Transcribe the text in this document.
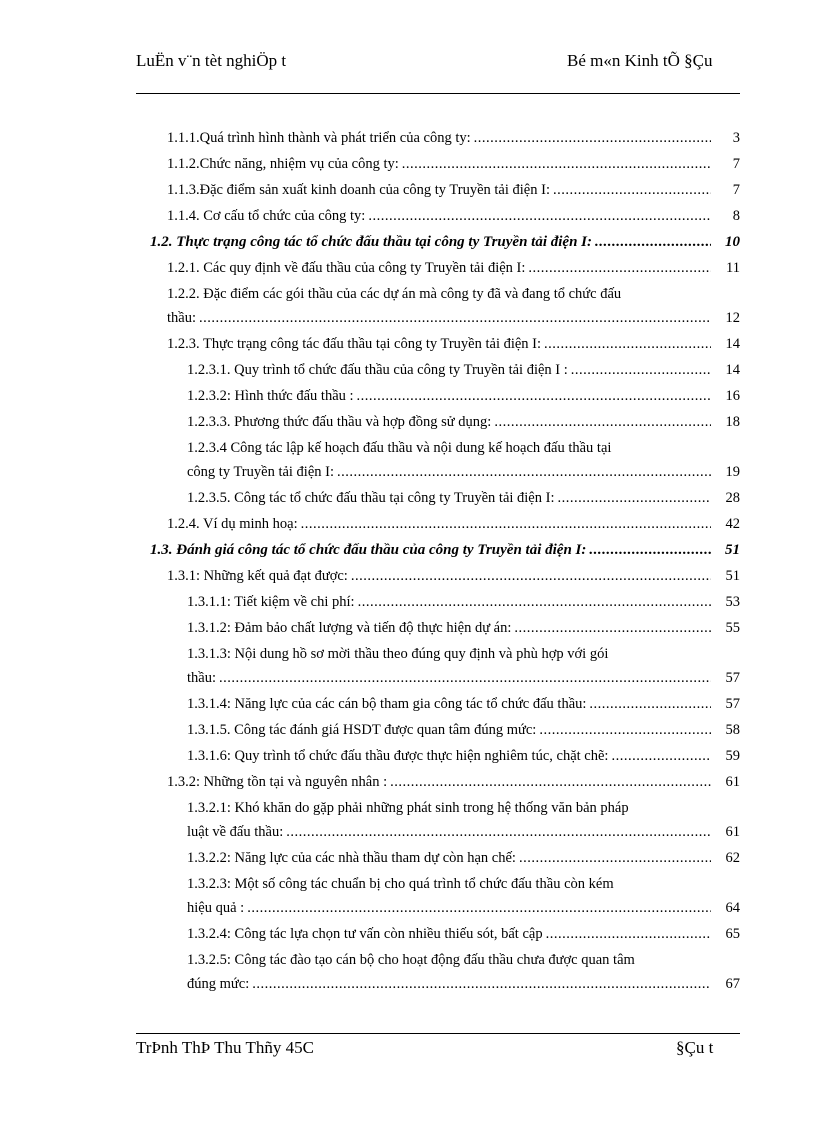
LuËn v¨n tèt nghiÖp t	Bé m«n Kinh tÕ §Çu
1.1.1.Quá trình hình thành và phát triển của công ty: .....	3
1.1.2.Chức năng, nhiệm vụ của công ty: .....	7
1.1.3.Đặc điểm sản xuất kinh doanh của công ty Truyền tải điện I: .....	7
1.1.4. Cơ cấu tổ chức của công ty: .....	8
1.2. Thực trạng công tác tổ chức đấu thầu tại công ty Truyền tải điện I: .....	10
1.2.1. Các quy định về đấu thầu của công ty Truyền tải điện I: .....	11
1.2.2. Đặc điểm các gói thầu của các dự án mà công ty đã và đang tổ chức đấu
thầu: .....	12
1.2.3. Thực trạng công tác đấu thầu tại công ty Truyền tải điện I: .....	14
1.2.3.1. Quy trình tổ chức đấu thầu của công ty Truyền tải điện I : .....	14
1.2.3.2: Hình thức đấu thầu : .....	16
1.2.3.3. Phương thức đấu thầu và hợp đồng sử dụng: .....	18
1.2.3.4 Công tác lập kế hoạch đấu thầu và nội dung kế hoạch đấu thầu tại
công ty Truyền tải điện I: .....	19
1.2.3.5. Công tác tổ chức đấu thầu tại công ty Truyền tải điện I: .....	28
1.2.4. Ví dụ minh hoạ: .....	42
1.3. Đánh giá công tác tổ chức đấu thầu của công ty Truyền tải điện I: .....	51
1.3.1: Những kết quả đạt được: .....	51
1.3.1.1: Tiết kiệm về chi phí: .....	53
1.3.1.2: Đảm bảo chất lượng và tiến độ thực hiện dự án: .....	55
1.3.1.3: Nội dung hồ sơ mời thầu theo đúng quy định và phù hợp với gói
thầu: .....	57
1.3.1.4: Năng lực của các cán bộ tham gia công tác tổ chức đấu thầu: .....	57
1.3.1.5. Công tác đánh giá HSDT được quan tâm đúng mức: .....	58
1.3.1.6: Quy trình tổ chức đấu thầu được thực hiện nghiêm túc, chặt chẽ: .....	59
1.3.2: Những tồn tại và nguyên nhân : .....	61
1.3.2.1: Khó khăn do gặp phải những phát sinh trong hệ thống văn bản pháp
luật về đấu thầu: .....	61
1.3.2.2: Năng lực của các nhà thầu tham dự còn hạn chế: .....	62
1.3.2.3: Một số công tác chuẩn bị cho quá trình tổ chức đấu thầu còn kém
hiệu quả : .....	64
1.3.2.4: Công tác lựa chọn tư vấn còn nhiều thiếu sót, bất cập .....	65
1.3.2.5: Công tác đào tạo cán bộ cho hoạt động đấu thầu chưa được quan tâm
đúng mức: .....	67
TrÞnh ThÞ Thu Thñy 45C	§Çu t
